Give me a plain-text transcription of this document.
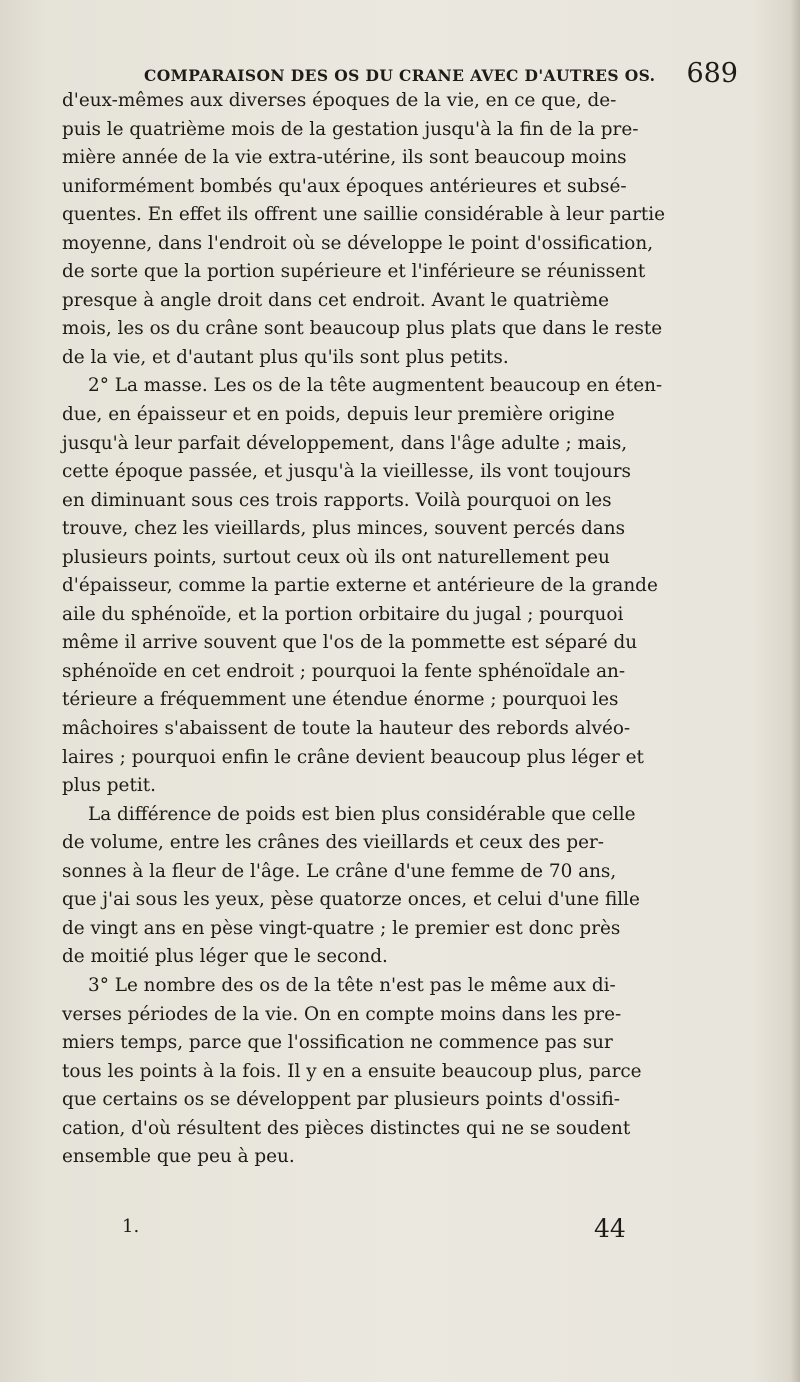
COMPARAISON DES OS DU CRANE AVEC D'AUTRES OS. 689
d'eux-mêmes aux diverses époques de la vie, en ce que, de-
puis le quatrième mois de la gestation jusqu'à la fin de la pre-
mière année de la vie extra-utérine, ils sont beaucoup moins
uniformément bombés qu'aux époques antérieures et subsé-
quentes. En effet ils offrent une saillie considérable à leur partie
moyenne, dans l'endroit où se développe le point d'ossification,
de sorte que la portion supérieure et l'inférieure se réunissent
presque à angle droit dans cet endroit. Avant le quatrième
mois, les os du crâne sont beaucoup plus plats que dans le reste
de la vie, et d'autant plus qu'ils sont plus petits.
2° La masse. Les os de la tête augmentent beaucoup en éten-
due, en épaisseur et en poids, depuis leur première origine
jusqu'à leur parfait développement, dans l'âge adulte ; mais,
cette époque passée, et jusqu'à la vieillesse, ils vont toujours
en diminuant sous ces trois rapports. Voilà pourquoi on les
trouve, chez les vieillards, plus minces, souvent percés dans
plusieurs points, surtout ceux où ils ont naturellement peu
d'épaisseur, comme la partie externe et antérieure de la grande
aile du sphénoïde, et la portion orbitaire du jugal ; pourquoi
même il arrive souvent que l'os de la pommette est séparé du
sphénoïde en cet endroit ; pourquoi la fente sphénoïdale an-
térieure a fréquemment une étendue énorme ; pourquoi les
mâchoires s'abaissent de toute la hauteur des rebords alvéo-
laires ; pourquoi enfin le crâne devient beaucoup plus léger et
plus petit.
La différence de poids est bien plus considérable que celle
de volume, entre les crânes des vieillards et ceux des per-
sonnes à la fleur de l'âge. Le crâne d'une femme de 70 ans,
que j'ai sous les yeux, pèse quatorze onces, et celui d'une fille
de vingt ans en pèse vingt-quatre ; le premier est donc près
de moitié plus léger que le second.
3° Le nombre des os de la tête n'est pas le même aux di-
verses périodes de la vie. On en compte moins dans les pre-
miers temps, parce que l'ossification ne commence pas sur
tous les points à la fois. Il y en a ensuite beaucoup plus, parce
que certains os se développent par plusieurs points d'ossifi-
cation, d'où résultent des pièces distinctes qui ne se soudent
ensemble que peu à peu.
1.	44
